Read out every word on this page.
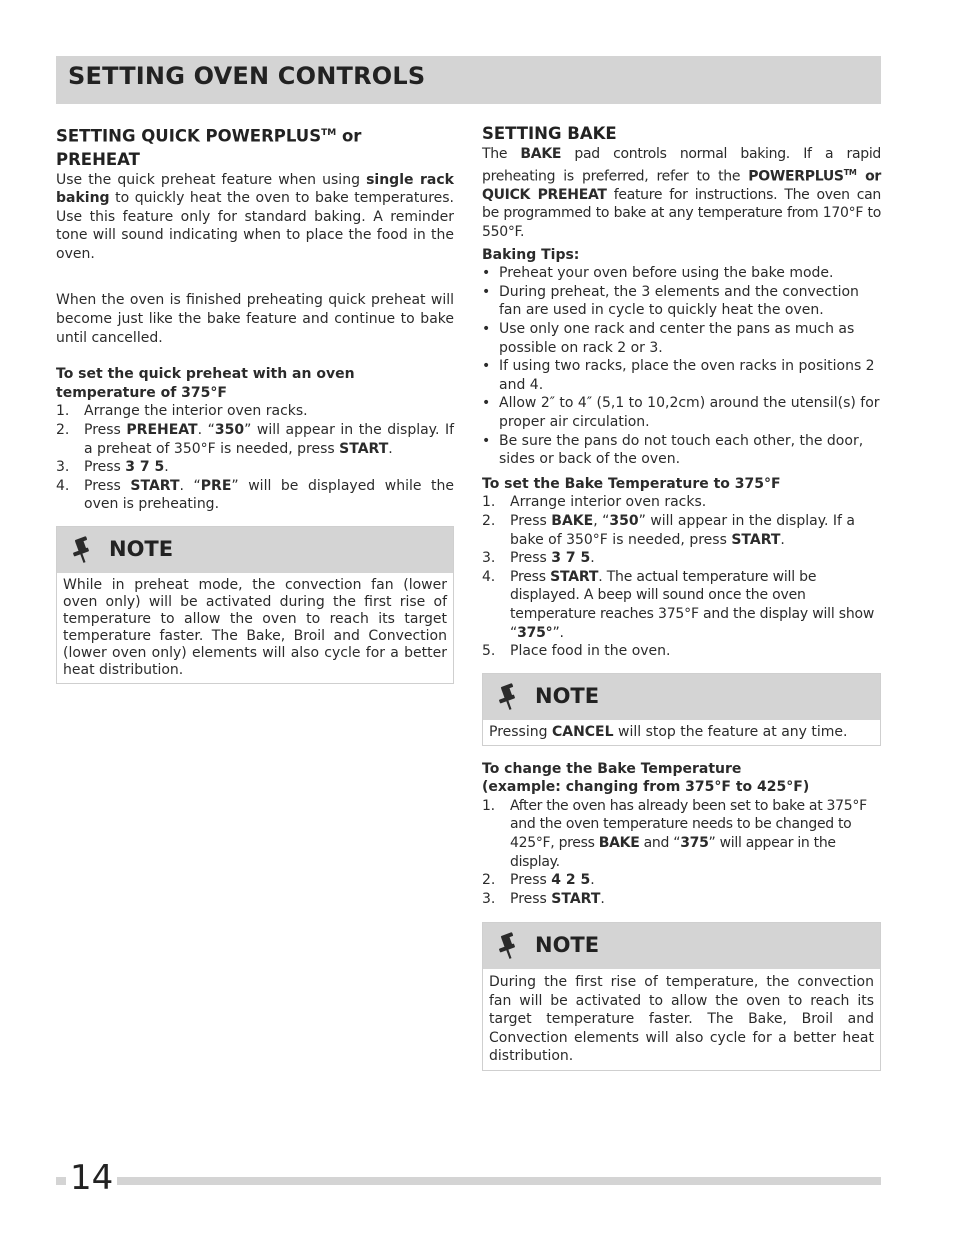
SETTING OVEN CONTROLS
SETTING QUICK POWERPLUS™ or
PREHEAT

Use the quick preheat feature when using single rack baking to quickly heat the oven to bake temperatures. Use this feature only for standard baking. A reminder tone will sound indicating when to place the food in the oven.

When the oven is finished preheating quick preheat will become just like the bake feature and continue to bake until cancelled.

To set the quick preheat with an oven temperature of 375°F

1. Arrange the interior oven racks.
2. Press PREHEAT. “350” will appear in the display. If a preheat of 350°F is needed, press START.
3. Press 3 7 5.
4. Press START. “PRE” will be displayed while the oven is preheating.
NOTE
While in preheat mode, the convection fan (lower oven only) will be activated during the first rise of temperature to allow the oven to reach its target temperature faster. The Bake, Broil and Convection (lower oven only) elements will also cycle for a better heat distribution.
SETTING BAKE

The BAKE pad controls normal baking. If a rapid preheating is preferred, refer to the POWERPLUS™ or QUICK PREHEAT feature for instructions. The oven can be programmed to bake at any temperature from 170°F to 550°F.

Baking Tips:

• Preheat your oven before using the bake mode.
• During preheat, the 3 elements and the convection fan are used in cycle to quickly heat the oven.
• Use only one rack and center the pans as much as possible on rack 2 or 3.
• If using two racks, place the oven racks in positions 2 and 4.
• Allow 2″ to 4″ (5,1 to 10,2cm) around the utensil(s) for proper air circulation.
• Be sure the pans do not touch each other, the door, sides or back of the oven.

To set the Bake Temperature to 375°F

1. Arrange interior oven racks.
2. Press BAKE, “350” will appear in the display. If a bake of 350°F is needed, press START.
3. Press 3 7 5.
4. Press START. The actual temperature will be displayed. A beep will sound once the oven temperature reaches 375°F and the display will show “375°”.
5. Place food in the oven.
NOTE
Pressing CANCEL will stop the feature at any time.

To change the Bake Temperature
(example: changing from 375°F to 425°F)

1. After the oven has already been set to bake at 375°F and the oven temperature needs to be changed to 425°F, press BAKE and “375” will appear in the display.
2. Press 4 2 5.
3. Press START.
NOTE
During the first rise of temperature, the convection fan will be activated to allow the oven to reach its target temperature faster. The Bake, Broil and Convection elements will also cycle for a better heat distribution.
14
